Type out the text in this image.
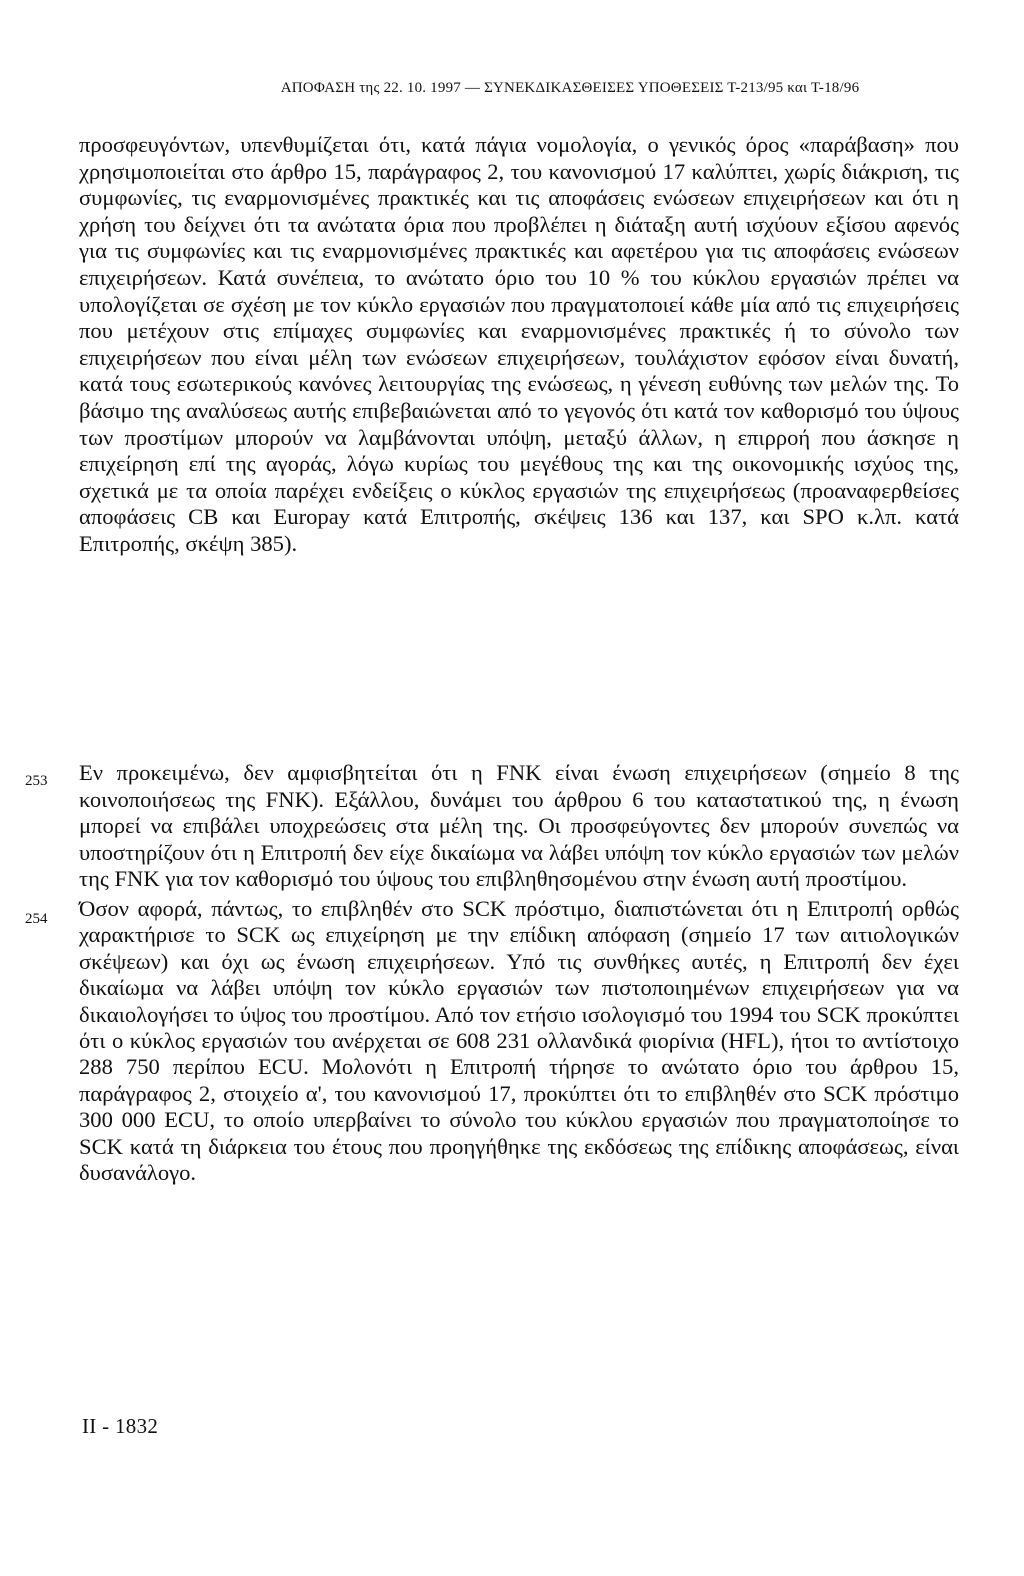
ΑΠΟΦΑΣΗ της 22. 10. 1997 — ΣΥΝΕΚΔΙΚΑΣΘΕΙΣΕΣ ΥΠΟΘΕΣΕΙΣ Τ-213/95 και Τ-18/96

προσφευγόντων, υπενθυμίζεται ότι, κατά πάγια νομολογία, ο γενικός όρος «παράβαση» που χρησιμοποιείται στο άρθρο 15, παράγραφος 2, του κανονισμού 17 καλύπτει, χωρίς διάκριση, τις συμφωνίες, τις εναρμονισμένες πρακτικές και τις αποφάσεις ενώσεων επιχειρήσεων και ότι η χρήση του δείχνει ότι τα ανώτατα όρια που προβλέπει η διάταξη αυτή ισχύουν εξίσου αφενός για τις συμφωνίες και τις εναρμονισμένες πρακτικές και αφετέρου για τις αποφάσεις ενώσεων επιχειρήσεων. Κατά συνέπεια, το ανώτατο όριο του 10 % του κύκλου εργασιών πρέπει να υπολογίζεται σε σχέση με τον κύκλο εργασιών που πραγματοποιεί κάθε μία από τις επιχειρήσεις που μετέχουν στις επίμαχες συμφωνίες και εναρμονισμένες πρακτικές ή το σύνολο των επιχειρήσεων που είναι μέλη των ενώσεων επιχειρήσεων, τουλάχιστον εφόσον είναι δυνατή, κατά τους εσωτερικούς κανόνες λειτουργίας της ενώσεως, η γένεση ευθύνης των μελών της. Το βάσιμο της αναλύσεως αυτής επιβεβαιώνεται από το γεγονός ότι κατά τον καθορισμό του ύψους των προστίμων μπορούν να λαμβάνονται υπόψη, μεταξύ άλλων, η επιρροή που άσκησε η επιχείρηση επί της αγοράς, λόγω κυρίως του μεγέθους της και της οικονομικής ισχύος της, σχετικά με τα οποία παρέχει ενδείξεις ο κύκλος εργασιών της επιχειρήσεως (προαναφερθείσες αποφάσεις CB και Europay κατά Επιτροπής, σκέψεις 136 και 137, και SPO κ.λπ. κατά Επιτροπής, σκέψη 385).

253 Εν προκειμένω, δεν αμφισβητείται ότι η FNK είναι ένωση επιχειρήσεων (σημείο 8 της κοινοποιήσεως της FNK). Εξάλλου, δυνάμει του άρθρου 6 του καταστατικού της, η ένωση μπορεί να επιβάλει υποχρεώσεις στα μέλη της. Οι προσφεύγοντες δεν μπορούν συνεπώς να υποστηρίζουν ότι η Επιτροπή δεν είχε δικαίωμα να λάβει υπόψη τον κύκλο εργασιών των μελών της FNK για τον καθορισμό του ύψους του επιβληθησομένου στην ένωση αυτή προστίμου.

254 Όσον αφορά, πάντως, το επιβληθέν στο SCK πρόστιμο, διαπιστώνεται ότι η Επιτροπή ορθώς χαρακτήρισε το SCK ως επιχείρηση με την επίδικη απόφαση (σημείο 17 των αιτιολογικών σκέψεων) και όχι ως ένωση επιχειρήσεων. Υπό τις συνθήκες αυτές, η Επιτροπή δεν έχει δικαίωμα να λάβει υπόψη τον κύκλο εργασιών των πιστοποιημένων επιχειρήσεων για να δικαιολογήσει το ύψος του προστίμου. Από τον ετήσιο ισολογισμό του 1994 του SCK προκύπτει ότι ο κύκλος εργασιών του ανέρχεται σε 608 231 ολλανδικά φιορίνια (HFL), ήτοι το αντίστοιχο 288 750 περίπου ECU. Μολονότι η Επιτροπή τήρησε το ανώτατο όριο του άρθρου 15, παράγραφος 2, στοιχείο α', του κανονισμού 17, προκύπτει ότι το επιβληθέν στο SCK πρόστιμο 300 000 ECU, το οποίο υπερβαίνει το σύνολο του κύκλου εργασιών που πραγματοποίησε το SCK κατά τη διάρκεια του έτους που προηγήθηκε της εκδόσεως της επίδικης αποφάσεως, είναι δυσανάλογο.

II - 1832
